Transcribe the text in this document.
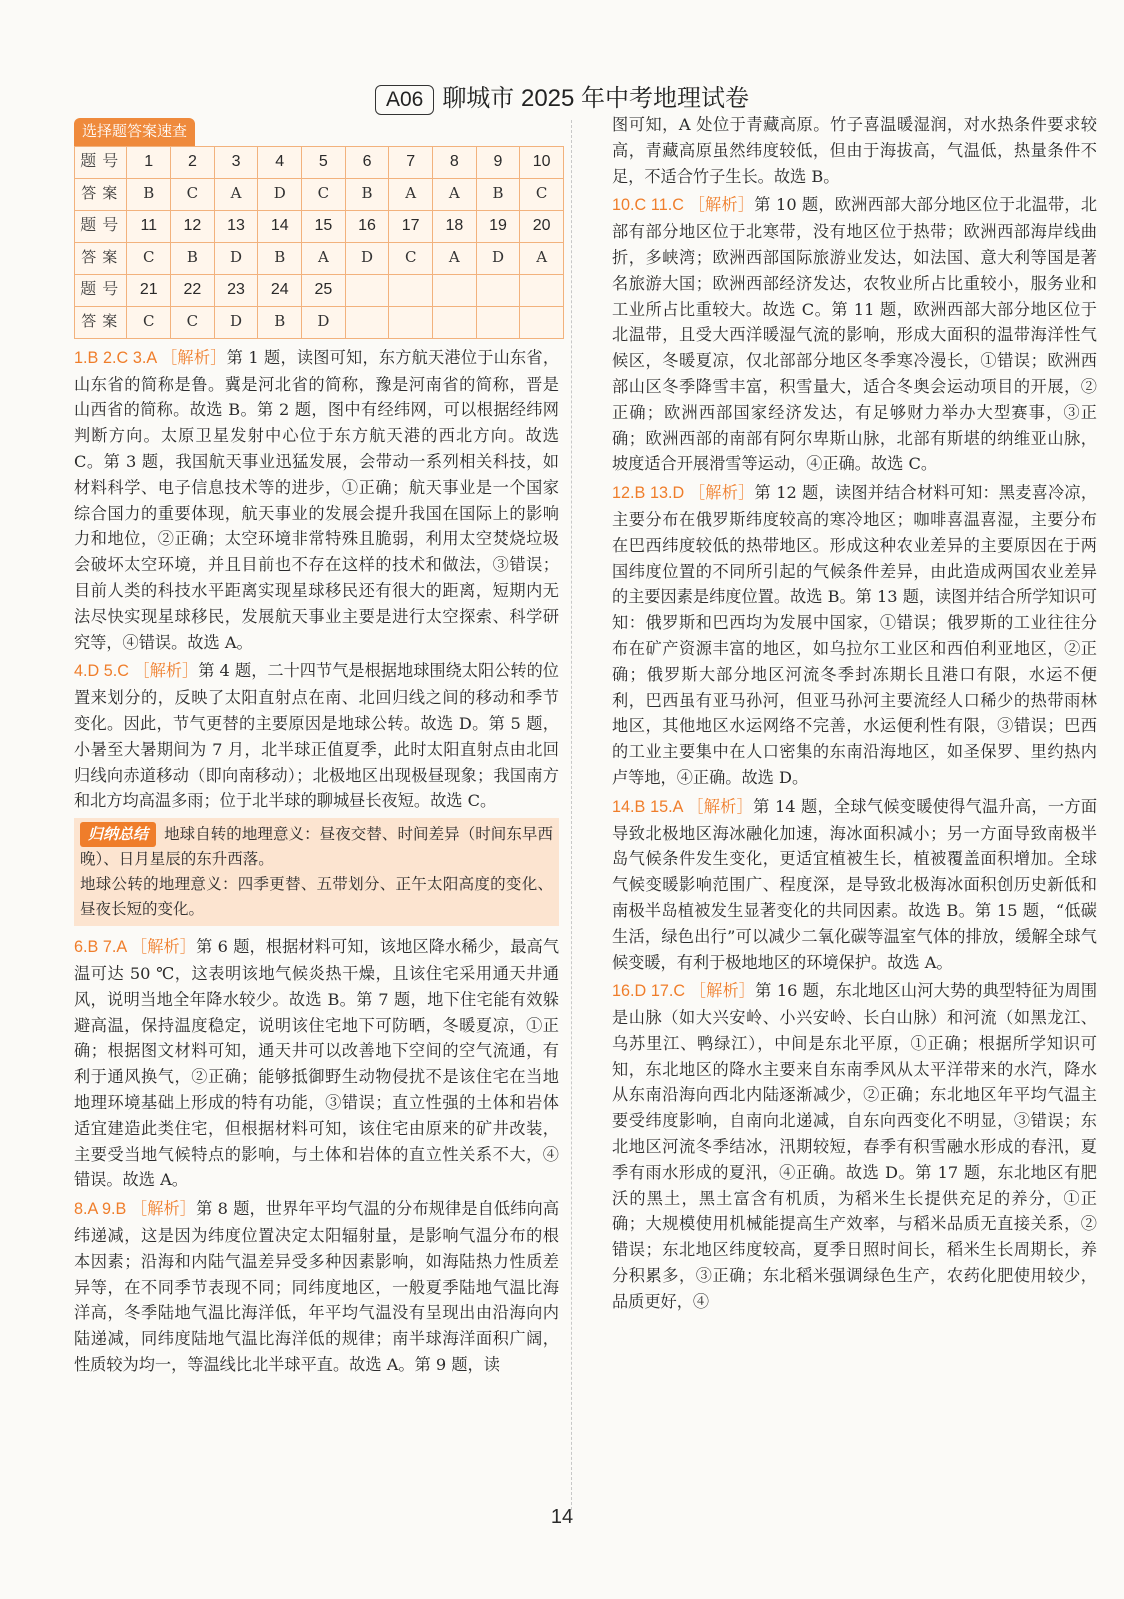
A06 聊城市 2025 年中考地理试卷
选择题答案速查
题号	1	2	3	4	5	6	7	8	9	10
答案	B	C	A	D	C	B	A	A	B	C
题号	11	12	13	14	15	16	17	18	19	20
答案	C	B	D	B	A	D	C	A	D	A
题号	21	22	23	24	25					
答案	C	C	D	B	D					
1.B 2.C 3.A ［解析］第 1 题，读图可知，东方航天港位于山东省，山东省的简称是鲁。冀是河北省的简称，豫是河南省的简称，晋是山西省的简称。故选 B。第 2 题，图中有经纬网，可以根据经纬网判断方向。太原卫星发射中心位于东方航天港的西北方向。故选 C。第 3 题，我国航天事业迅猛发展，会带动一系列相关科技，如材料科学、电子信息技术等的进步，①正确；航天事业是一个国家综合国力的重要体现，航天事业的发展会提升我国在国际上的影响力和地位，②正确；太空环境非常特殊且脆弱，利用太空焚烧垃圾会破坏太空环境，并且目前也不存在这样的技术和做法，③错误；目前人类的科技水平距离实现星球移民还有很大的距离，短期内无法尽快实现星球移民，发展航天事业主要是进行太空探索、科学研究等，④错误。故选 A。
4.D 5.C ［解析］第 4 题，二十四节气是根据地球围绕太阳公转的位置来划分的，反映了太阳直射点在南、北回归线之间的移动和季节变化。因此，节气更替的主要原因是地球公转。故选 D。第 5 题，小暑至大暑期间为 7 月，北半球正值夏季，此时太阳直射点由北回归线向赤道移动（即向南移动）；北极地区出现极昼现象；我国南方和北方均高温多雨；位于北半球的聊城昼长夜短。故选 C。
归纳总结 地球自转的地理意义：昼夜交替、时间差异（时间东早西晚）、日月星辰的东升西落。
地球公转的地理意义：四季更替、五带划分、正午太阳高度的变化、昼夜长短的变化。
6.B 7.A ［解析］第 6 题，根据材料可知，该地区降水稀少，最高气温可达 50 ℃，这表明该地气候炎热干燥，且该住宅采用通天井通风，说明当地全年降水较少。故选 B。第 7 题，地下住宅能有效躲避高温，保持温度稳定，说明该住宅地下可防晒，冬暖夏凉，①正确；根据图文材料可知，通天井可以改善地下空间的空气流通，有利于通风换气，②正确；能够抵御野生动物侵扰不是该住宅在当地地理环境基础上形成的特有功能，③错误；直立性强的土体和岩体适宜建造此类住宅，但根据材料可知，该住宅由原来的矿井改装，主要受当地气候特点的影响，与土体和岩体的直立性关系不大，④错误。故选 A。
8.A 9.B ［解析］第 8 题，世界年平均气温的分布规律是自低纬向高纬递减，这是因为纬度位置决定太阳辐射量，是影响气温分布的根本因素；沿海和内陆气温差异受多种因素影响，如海陆热力性质差异等，在不同季节表现不同；同纬度地区，一般夏季陆地气温比海洋高，冬季陆地气温比海洋低，年平均气温没有呈现出由沿海向内陆递减，同纬度陆地气温比海洋低的规律；南半球海洋面积广阔，性质较为均一，等温线比北半球平直。故选 A。第 9 题，读
图可知，A 处位于青藏高原。竹子喜温暖湿润，对水热条件要求较高，青藏高原虽然纬度较低，但由于海拔高，气温低，热量条件不足，不适合竹子生长。故选 B。
10.C 11.C ［解析］第 10 题，欧洲西部大部分地区位于北温带，北部有部分地区位于北寒带，没有地区位于热带；欧洲西部海岸线曲折，多峡湾；欧洲西部国际旅游业发达，如法国、意大利等国是著名旅游大国；欧洲西部经济发达，农牧业所占比重较小，服务业和工业所占比重较大。故选 C。第 11 题，欧洲西部大部分地区位于北温带，且受大西洋暖湿气流的影响，形成大面积的温带海洋性气候区，冬暖夏凉，仅北部部分地区冬季寒冷漫长，①错误；欧洲西部山区冬季降雪丰富，积雪量大，适合冬奥会运动项目的开展，②正确；欧洲西部国家经济发达，有足够财力举办大型赛事，③正确；欧洲西部的南部有阿尔卑斯山脉，北部有斯堪的纳维亚山脉，坡度适合开展滑雪等运动，④正确。故选 C。
12.B 13.D ［解析］第 12 题，读图并结合材料可知：黑麦喜冷凉，主要分布在俄罗斯纬度较高的寒冷地区；咖啡喜温喜湿，主要分布在巴西纬度较低的热带地区。形成这种农业差异的主要原因在于两国纬度位置的不同所引起的气候条件差异，由此造成两国农业差异的主要因素是纬度位置。故选 B。第 13 题，读图并结合所学知识可知：俄罗斯和巴西均为发展中国家，①错误；俄罗斯的工业往往分布在矿产资源丰富的地区，如乌拉尔工业区和西伯利亚地区，②正确；俄罗斯大部分地区河流冬季封冻期长且港口有限，水运不便利，巴西虽有亚马孙河，但亚马孙河主要流经人口稀少的热带雨林地区，其他地区水运网络不完善，水运便利性有限，③错误；巴西的工业主要集中在人口密集的东南沿海地区，如圣保罗、里约热内卢等地，④正确。故选 D。
14.B 15.A ［解析］第 14 题，全球气候变暖使得气温升高，一方面导致北极地区海冰融化加速，海冰面积减小；另一方面导致南极半岛气候条件发生变化，更适宜植被生长，植被覆盖面积增加。全球气候变暖影响范围广、程度深，是导致北极海冰面积创历史新低和南极半岛植被发生显著变化的共同因素。故选 B。第 15 题，“低碳生活，绿色出行”可以减少二氧化碳等温室气体的排放，缓解全球气候变暖，有利于极地地区的环境保护。故选 A。
16.D 17.C ［解析］第 16 题，东北地区山河大势的典型特征为周围是山脉（如大兴安岭、小兴安岭、长白山脉）和河流（如黑龙江、乌苏里江、鸭绿江），中间是东北平原，①正确；根据所学知识可知，东北地区的降水主要来自东南季风从太平洋带来的水汽，降水从东南沿海向西北内陆逐渐减少，②正确；东北地区年平均气温主要受纬度影响，自南向北递减，自东向西变化不明显，③错误；东北地区河流冬季结冰，汛期较短，春季有积雪融水形成的春汛，夏季有雨水形成的夏汛，④正确。故选 D。第 17 题，东北地区有肥沃的黑土，黑土富含有机质，为稻米生长提供充足的养分，①正确；大规模使用机械能提高生产效率，与稻米品质无直接关系，②错误；东北地区纬度较高，夏季日照时间长，稻米生长周期长，养分积累多，③正确；东北稻米强调绿色生产，农药化肥使用较少，品质更好，④
14
